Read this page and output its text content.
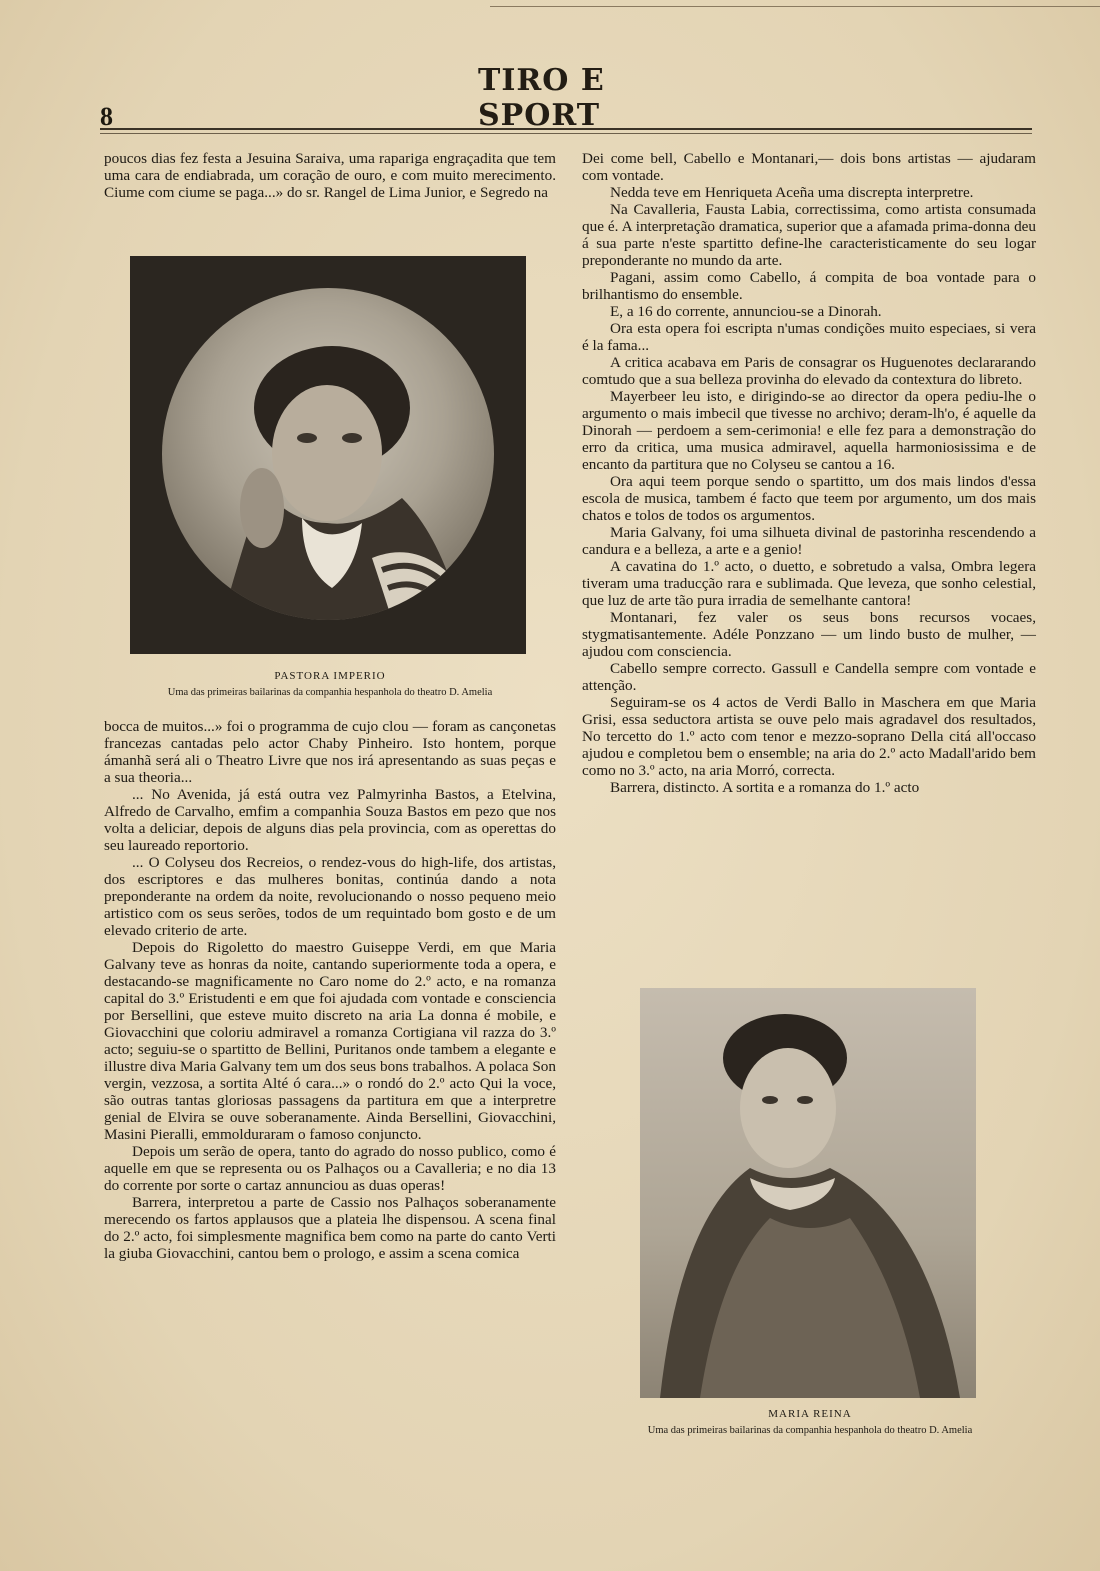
8
TIRO E SPORT

poucos dias fez festa a Jesuina Saraiva, uma rapariga engraçadita que tem uma cara de endiabrada, um coração de ouro, e com muito merecimento. Ciume com ciume se paga...» do sr. Rangel de Lima Junior, e Segredo na

PASTORA IMPERIO
Uma das primeiras bailarinas da companhia hespanhola do theatro D. Amelia

bocca de muitos...» foi o programma de cujo clou — foram as cançonetas francezas cantadas pelo actor Chaby Pinheiro. Isto hontem, porque ámanhã será ali o Theatro Livre que nos irá apresentando as suas peças e a sua theoria...

... No Avenida, já está outra vez Palmyrinha Bastos, a Etelvina, Alfredo de Carvalho, emfim a companhia Souza Bastos em pezo que nos volta a deliciar, depois de alguns dias pela provincia, com as operettas do seu laureado reportorio.

... O Colyseu dos Recreios, o rendez-vous do high-life, dos artistas, dos escriptores e das mulheres bonitas, continúa dando a nota preponderante na ordem da noite, revolucionando o nosso pequeno meio artistico com os seus serões, todos de um requintado bom gosto e de um elevado criterio de arte.

Depois do Rigoletto do maestro Guiseppe Verdi, em que Maria Galvany teve as honras da noite, cantando superiormente toda a opera, e destacando-se magnificamente no Caro nome do 2.º acto, e na romanza capital do 3.º Eristudenti e em que foi ajudada com vontade e consciencia por Bersellini, que esteve muito discreto na aria La donna é mobile, e Giovacchini que coloriu admiravel a romanza Cortigiana vil razza do 3.º acto; seguiu-se o spartitto de Bellini, Puritanos onde tambem a elegante e illustre diva Maria Galvany tem um dos seus bons trabalhos. A polaca Son vergin, vezzosa, a sortita Alté ó cara...» o rondó do 2.º acto Qui la voce, são outras tantas gloriosas passagens da partitura em que a interpretre genial de Elvira se ouve soberanamente. Ainda Bersellini, Giovacchini, Masini Pieralli, emmolduraram o famoso conjuncto.

Depois um serão de opera, tanto do agrado do nosso publico, como é aquelle em que se representa ou os Palhaços ou a Cavalleria; e no dia 13 do corrente por sorte o cartaz annunciou as duas operas!

Barrera, interpretou a parte de Cassio nos Palhaços soberanamente merecendo os fartos applausos que a plateia lhe dispensou. A scena final do 2.º acto, foi simplesmente magnifica bem como na parte do canto Verti la giuba Giovacchini, cantou bem o prologo, e assim a scena comica

Dei come bell, Cabello e Montanari,— dois bons artistas — ajudaram com vontade.

Nedda teve em Henriqueta Aceña uma discrepta interpretre.

Na Cavalleria, Fausta Labia, correctissima, como artista consumada que é. A interpretação dramatica, superior que a afamada prima-donna deu á sua parte n'este spartitto define-lhe caracteristicamente do seu logar preponderante no mundo da arte.

Pagani, assim como Cabello, á compita de boa vontade para o brilhantismo do ensemble.

E, a 16 do corrente, annunciou-se a Dinorah.

Ora esta opera foi escripta n'umas condições muito especiaes, si vera é la fama...

A critica acabava em Paris de consagrar os Huguenotes declararando comtudo que a sua belleza provinha do elevado da contextura do libreto.

Mayerbeer leu isto, e dirigindo-se ao director da opera pediu-lhe o argumento o mais imbecil que tivesse no archivo; deram-lh'o, é aquelle da Dinorah — perdoem a sem-cerimonia! e elle fez para a demonstração do erro da critica, uma musica admiravel, aquella harmoniosissima e de encanto da partitura que no Colyseu se cantou a 16.

Ora aqui teem porque sendo o spartitto, um dos mais lindos d'essa escola de musica, tambem é facto que teem por argumento, um dos mais chatos e tolos de todos os argumentos.

Maria Galvany, foi uma silhueta divinal de pastorinha rescendendo a candura e a belleza, a arte e a genio!

A cavatina do 1.º acto, o duetto, e sobretudo a valsa, Ombra legera tiveram uma traducção rara e sublimada. Que leveza, que sonho celestial, que luz de arte tão pura irradia de semelhante cantora!

Montanari, fez valer os seus bons recursos vocaes, stygmatisantemente. Adéle Ponzzano — um lindo busto de mulher, — ajudou com consciencia.

Cabello sempre correcto. Gassull e Candella sempre com vontade e attenção.

Seguiram-se os 4 actos de Verdi Ballo in Maschera em que Maria Grisi, essa seductora artista se ouve pelo mais agradavel dos resultados, No tercetto do 1.º acto com tenor e mezzo-soprano Della citá all'occaso ajudou e completou bem o ensemble; na aria do 2.º acto Madall'arido bem como no 3.º acto, na aria Morró, correcta.

Barrera, distincto. A sortita e a romanza do 1.º acto

MARIA REINA
Uma das primeiras bailarinas da companhia hespanhola do theatro D. Amelia
